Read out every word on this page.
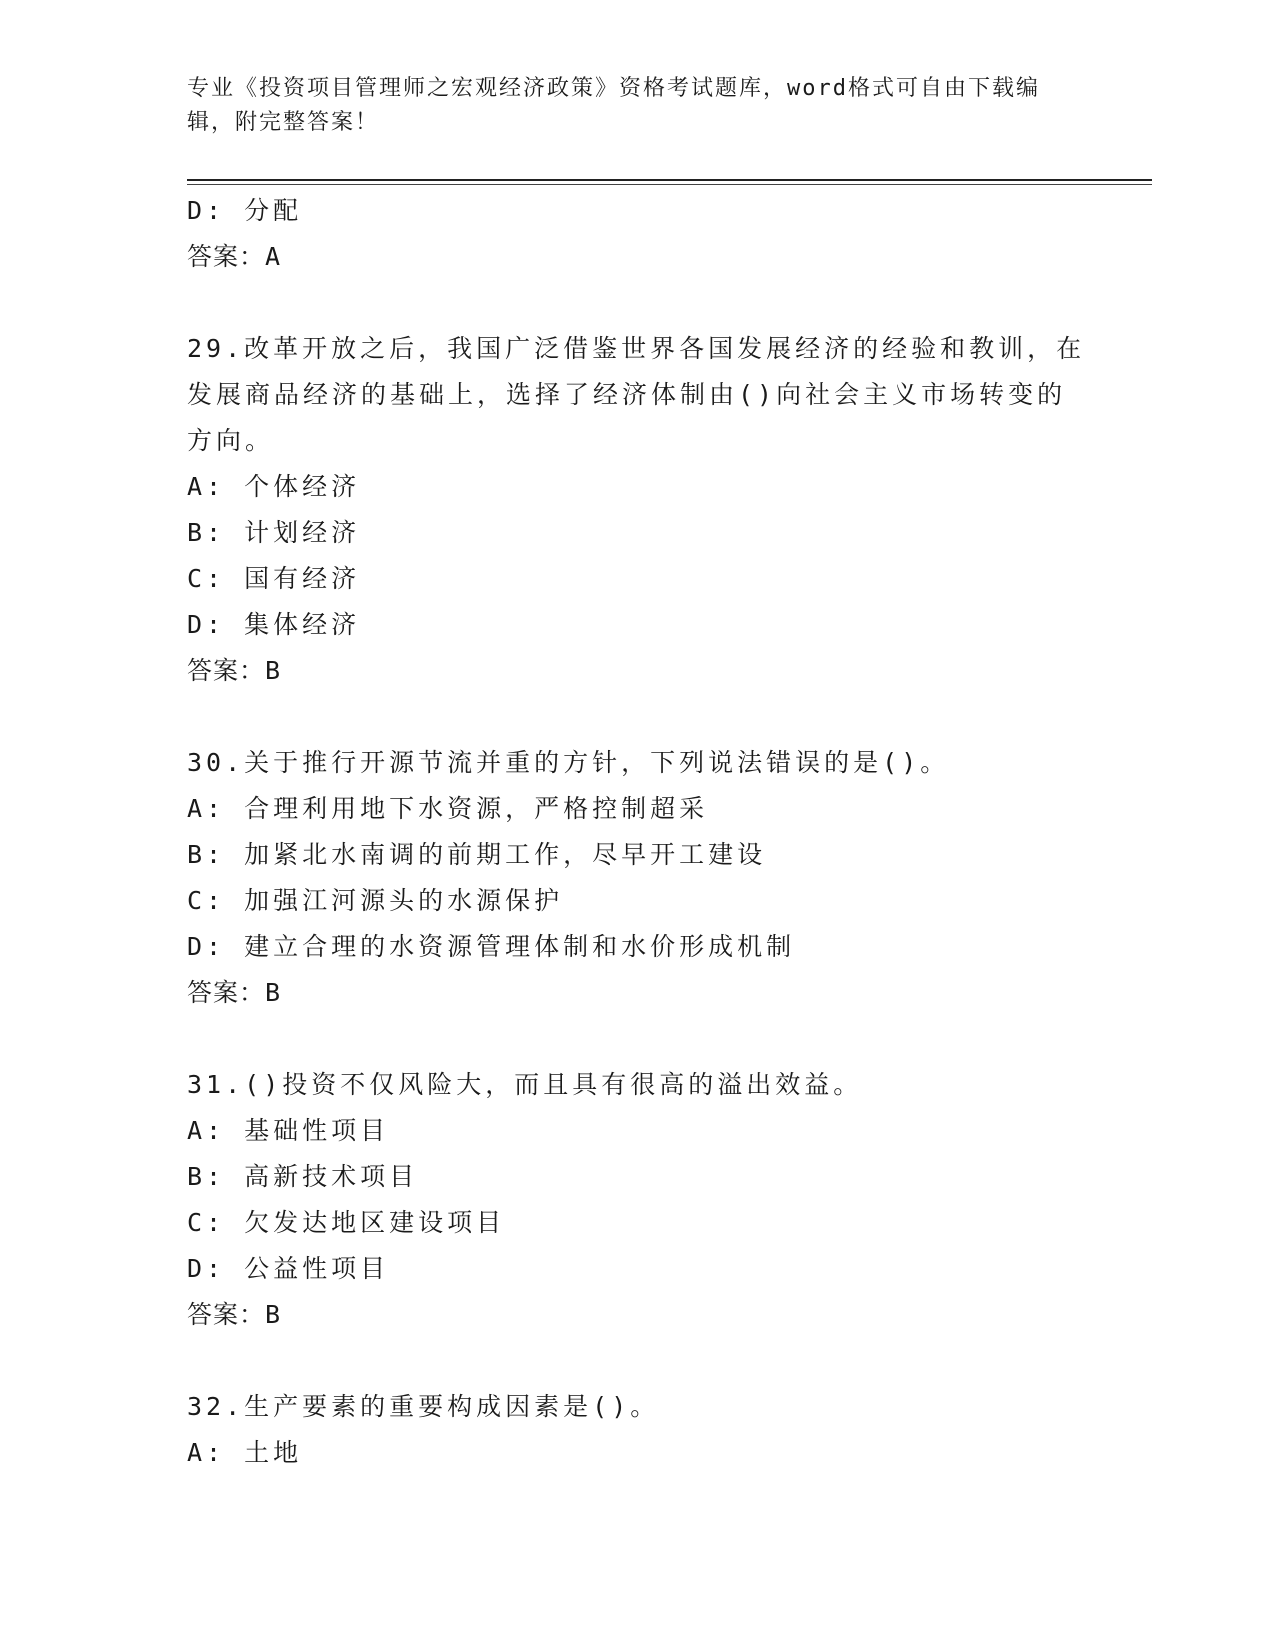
专业《投资项目管理师之宏观经济政策》资格考试题库，word格式可自由下载编
辑，附完整答案！

D: 分配

答案：A

29.改革开放之后，我国广泛借鉴世界各国发展经济的经验和教训，在

发展商品经济的基础上，选择了经济体制由()向社会主义市场转变的

方向。

A: 个体经济

B: 计划经济

C: 国有经济

D: 集体经济

答案：B

30.关于推行开源节流并重的方针，下列说法错误的是()。

A: 合理利用地下水资源，严格控制超采

B: 加紧北水南调的前期工作，尽早开工建设

C: 加强江河源头的水源保护

D: 建立合理的水资源管理体制和水价形成机制

答案：B

31.()投资不仅风险大，而且具有很高的溢出效益。

A: 基础性项目

B: 高新技术项目

C: 欠发达地区建设项目

D: 公益性项目

答案：B

32.生产要素的重要构成因素是()。

A: 土地
